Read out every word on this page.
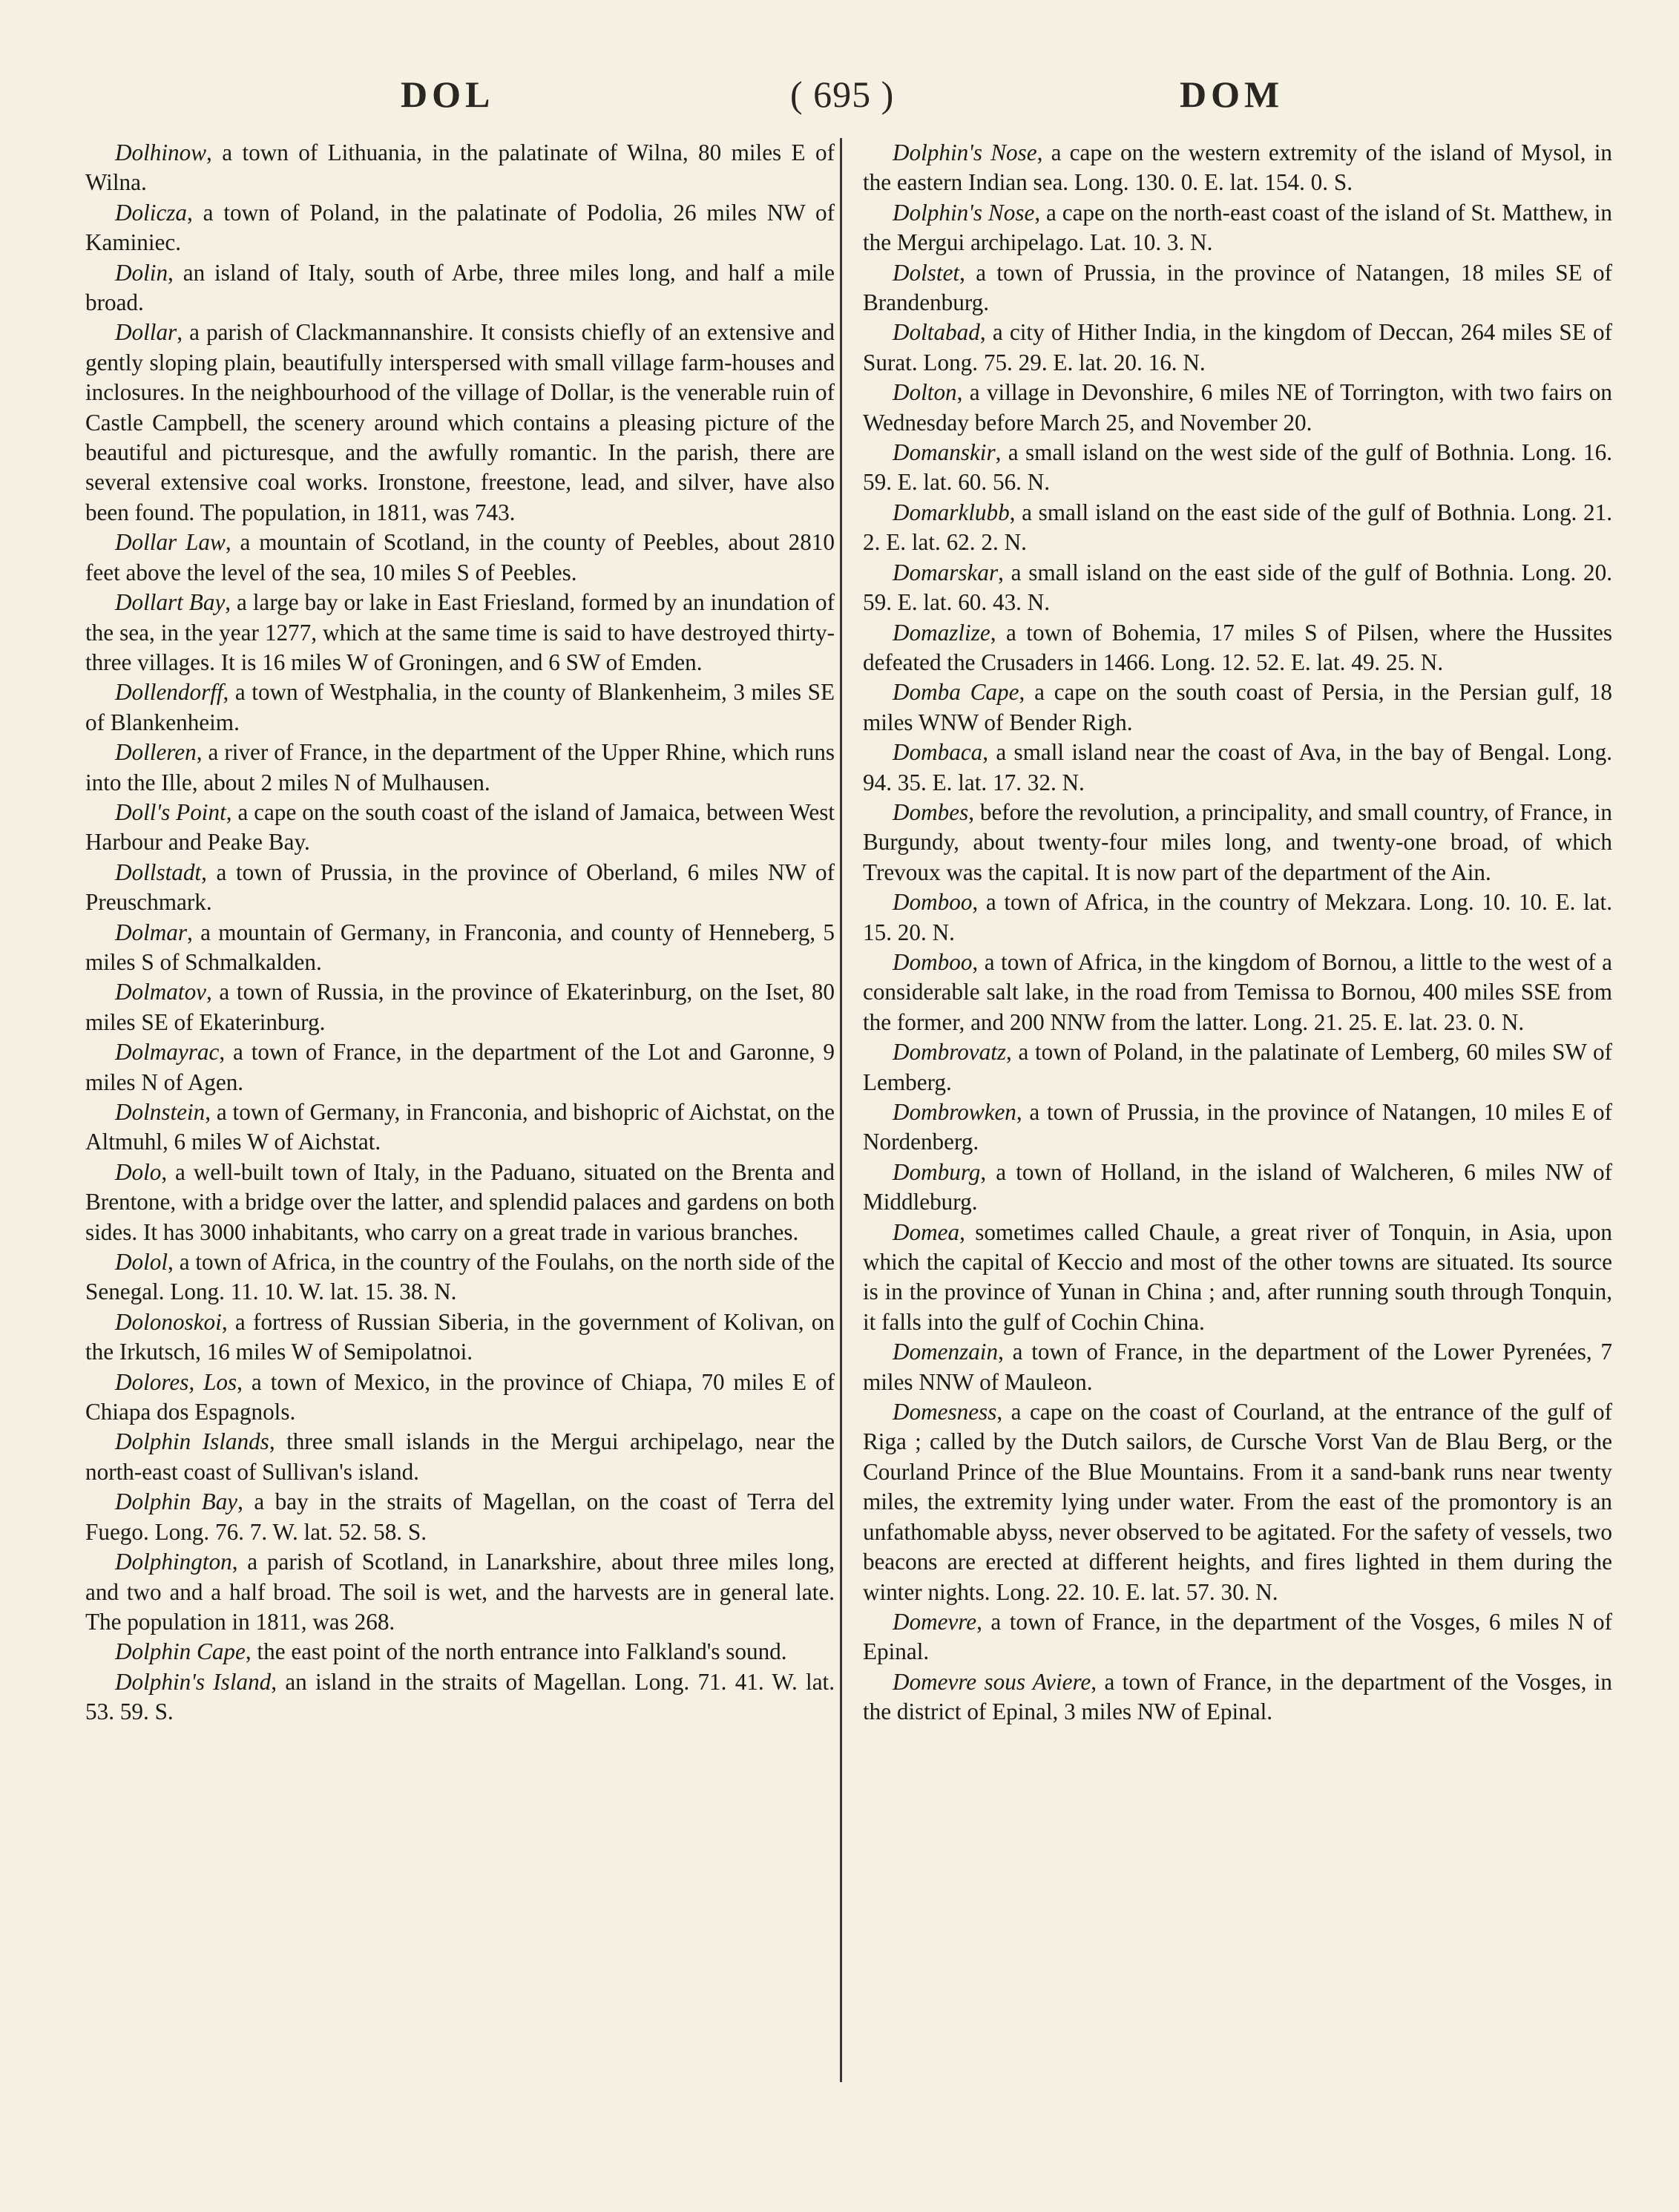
DOL	( 695 )	DOM

Dolhinow, a town of Lithuania, in the palatinate of Wilna, 80 miles E of Wilna.

Dolicza, a town of Poland, in the palatinate of Podolia, 26 miles NW of Kaminiec.

Dolin, an island of Italy, south of Arbe, three miles long, and half a mile broad.

Dollar, a parish of Clackmannanshire. It consists chiefly of an extensive and gently sloping plain, beautifully interspersed with small village farm-houses and inclosures. In the neighbourhood of the village of Dollar, is the venerable ruin of Castle Campbell, the scenery around which contains a pleasing picture of the beautiful and picturesque, and the awfully romantic. In the parish, there are several extensive coal works. Ironstone, freestone, lead, and silver, have also been found. The population, in 1811, was 743.

Dollar Law, a mountain of Scotland, in the county of Peebles, about 2810 feet above the level of the sea, 10 miles S of Peebles.

Dollart Bay, a large bay or lake in East Friesland, formed by an inundation of the sea, in the year 1277, which at the same time is said to have destroyed thirty-three villages. It is 16 miles W of Groningen, and 6 SW of Emden.

Dollendorff, a town of Westphalia, in the county of Blankenheim, 3 miles SE of Blankenheim.

Dolleren, a river of France, in the department of the Upper Rhine, which runs into the Ille, about 2 miles N of Mulhausen.

Doll's Point, a cape on the south coast of the island of Jamaica, between West Harbour and Peake Bay.

Dollstadt, a town of Prussia, in the province of Oberland, 6 miles NW of Preuschmark.

Dolmar, a mountain of Germany, in Franconia, and county of Henneberg, 5 miles S of Schmalkalden.

Dolmatov, a town of Russia, in the province of Ekaterinburg, on the Iset, 80 miles SE of Ekaterinburg.

Dolmayrac, a town of France, in the department of the Lot and Garonne, 9 miles N of Agen.

Dolnstein, a town of Germany, in Franconia, and bishopric of Aichstat, on the Altmuhl, 6 miles W of Aichstat.

Dolo, a well-built town of Italy, in the Paduano, situated on the Brenta and Brentone, with a bridge over the latter, and splendid palaces and gardens on both sides. It has 3000 inhabitants, who carry on a great trade in various branches.

Dolol, a town of Africa, in the country of the Foulahs, on the north side of the Senegal. Long. 11. 10. W. lat. 15. 38. N.

Dolonoskoi, a fortress of Russian Siberia, in the government of Kolivan, on the Irkutsch, 16 miles W of Semipolatnoi.

Dolores, Los, a town of Mexico, in the province of Chiapa, 70 miles E of Chiapa dos Espagnols.

Dolphin Islands, three small islands in the Mergui archipelago, near the north-east coast of Sullivan's island.

Dolphin Bay, a bay in the straits of Magellan, on the coast of Terra del Fuego. Long. 76. 7. W. lat. 52. 58. S.

Dolphington, a parish of Scotland, in Lanarkshire, about three miles long, and two and a half broad. The soil is wet, and the harvests are in general late. The population in 1811, was 268.

Dolphin Cape, the east point of the north entrance into Falkland's sound.

Dolphin's Island, an island in the straits of Magellan. Long. 71. 41. W. lat. 53. 59. S.

Dolphin's Nose, a cape on the western extremity of the island of Mysol, in the eastern Indian sea. Long. 130. 0. E. lat. 154. 0. S.

Dolphin's Nose, a cape on the north-east coast of the island of St. Matthew, in the Mergui archipelago. Lat. 10. 3. N.

Dolstet, a town of Prussia, in the province of Natangen, 18 miles SE of Brandenburg.

Doltabad, a city of Hither India, in the kingdom of Deccan, 264 miles SE of Surat. Long. 75. 29. E. lat. 20. 16. N.

Dolton, a village in Devonshire, 6 miles NE of Torrington, with two fairs on Wednesday before March 25, and November 20.

Domanskir, a small island on the west side of the gulf of Bothnia. Long. 16. 59. E. lat. 60. 56. N.

Domarklubb, a small island on the east side of the gulf of Bothnia. Long. 21. 2. E. lat. 62. 2. N.

Domarskar, a small island on the east side of the gulf of Bothnia. Long. 20. 59. E. lat. 60. 43. N.

Domazlize, a town of Bohemia, 17 miles S of Pilsen, where the Hussites defeated the Crusaders in 1466. Long. 12. 52. E. lat. 49. 25. N.

Domba Cape, a cape on the south coast of Persia, in the Persian gulf, 18 miles WNW of Bender Righ.

Dombaca, a small island near the coast of Ava, in the bay of Bengal. Long. 94. 35. E. lat. 17. 32. N.

Dombes, before the revolution, a principality, and small country, of France, in Burgundy, about twenty-four miles long, and twenty-one broad, of which Trevoux was the capital. It is now part of the department of the Ain.

Domboo, a town of Africa, in the country of Mekzara. Long. 10. 10. E. lat. 15. 20. N.

Domboo, a town of Africa, in the kingdom of Bornou, a little to the west of a considerable salt lake, in the road from Temissa to Bornou, 400 miles SSE from the former, and 200 NNW from the latter. Long. 21. 25. E. lat. 23. 0. N.

Dombrovatz, a town of Poland, in the palatinate of Lemberg, 60 miles SW of Lemberg.

Dombrowken, a town of Prussia, in the province of Natangen, 10 miles E of Nordenberg.

Domburg, a town of Holland, in the island of Walcheren, 6 miles NW of Middleburg.

Domea, sometimes called Chaule, a great river of Tonquin, in Asia, upon which the capital of Keccio and most of the other towns are situated. Its source is in the province of Yunan in China ; and, after running south through Tonquin, it falls into the gulf of Cochin China.

Domenzain, a town of France, in the department of the Lower Pyrenées, 7 miles NNW of Mauleon.

Domesness, a cape on the coast of Courland, at the entrance of the gulf of Riga ; called by the Dutch sailors, de Cursche Vorst Van de Blau Berg, or the Courland Prince of the Blue Mountains. From it a sand-bank runs near twenty miles, the extremity lying under water. From the east of the promontory is an unfathomable abyss, never observed to be agitated. For the safety of vessels, two beacons are erected at different heights, and fires lighted in them during the winter nights. Long. 22. 10. E. lat. 57. 30. N.

Domevre, a town of France, in the department of the Vosges, 6 miles N of Epinal.

Domevre sous Aviere, a town of France, in the department of the Vosges, in the district of Epinal, 3 miles NW of Epinal.
